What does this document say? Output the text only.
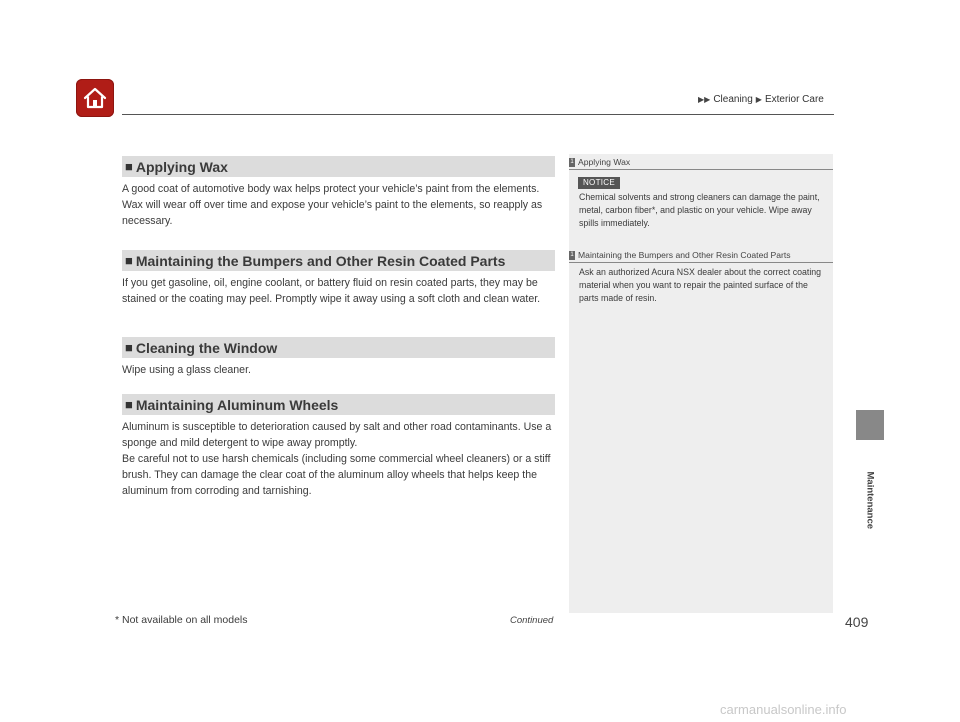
▶▶ Cleaning ▶ Exterior Care
■ Applying Wax
A good coat of automotive body wax helps protect your vehicle’s paint from the elements. Wax will wear off over time and expose your vehicle’s paint to the elements, so reapply as necessary.
■ Maintaining the Bumpers and Other Resin Coated Parts
If you get gasoline, oil, engine coolant, or battery fluid on resin coated parts, they may be stained or the coating may peel. Promptly wipe it away using a soft cloth and clean water.
■ Cleaning the Window
Wipe using a glass cleaner.
■ Maintaining Aluminum Wheels
Aluminum is susceptible to deterioration caused by salt and other road contaminants. Use a sponge and mild detergent to wipe away promptly.
Be careful not to use harsh chemicals (including some commercial wheel cleaners) or a stiff brush. They can damage the clear coat of the aluminum alloy wheels that helps keep the aluminum from corroding and tarnishing.
1 Applying Wax
NOTICE
Chemical solvents and strong cleaners can damage the paint, metal, carbon fiber*, and plastic on your vehicle. Wipe away spills immediately.
1 Maintaining the Bumpers and Other Resin Coated Parts
Ask an authorized Acura NSX dealer about the correct coating material when you want to repair the painted surface of the parts made of resin.
Maintenance
* Not available on all models	Continued	409
carmanualsonline.info
